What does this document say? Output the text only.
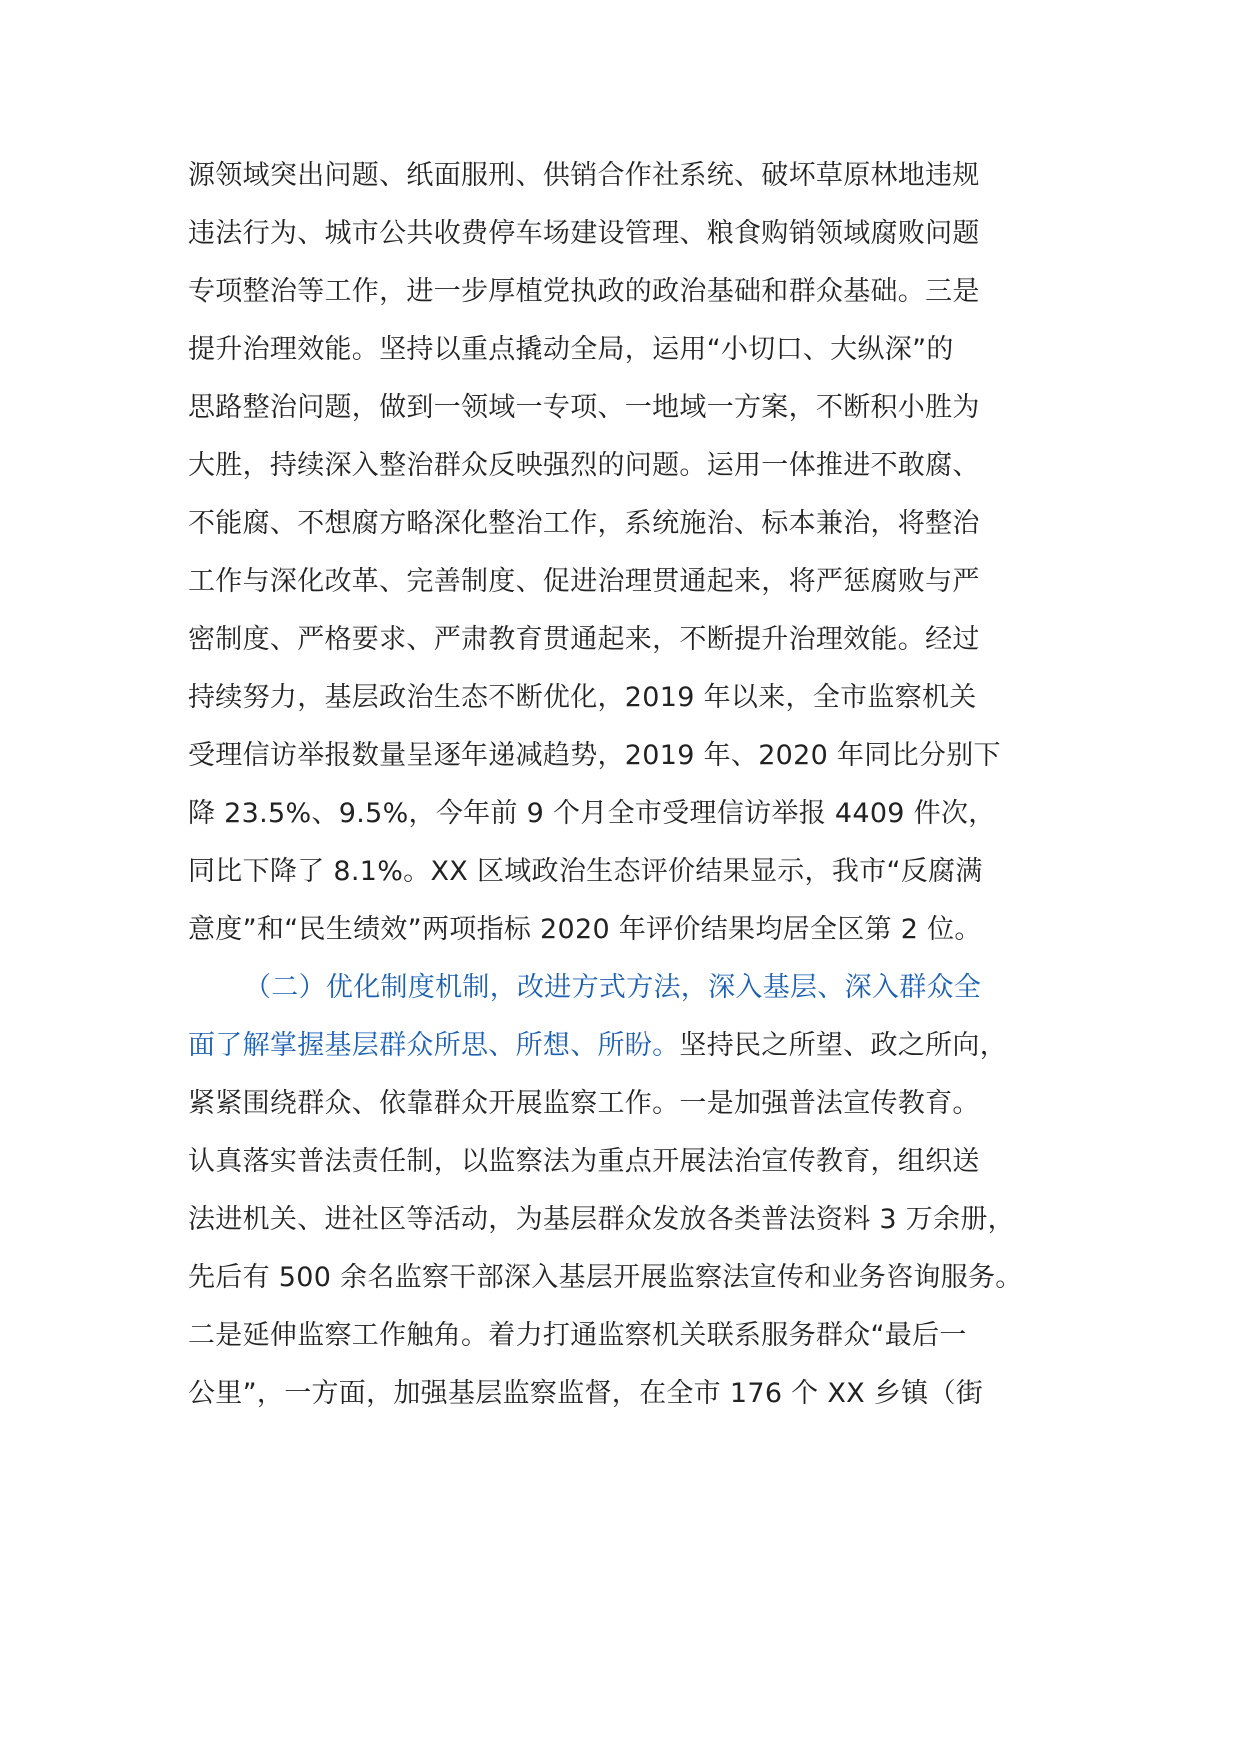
源领域突出问题、纸面服刑、供销合作社系统、破坏草原林地违规
违法行为、城市公共收费停车场建设管理、粮食购销领域腐败问题
专项整治等工作，进一步厚植党执政的政治基础和群众基础。三是
提升治理效能。坚持以重点撬动全局，运用“小切口、大纵深”的
思路整治问题，做到一领域一专项、一地域一方案，不断积小胜为
大胜，持续深入整治群众反映强烈的问题。运用一体推进不敢腐、
不能腐、不想腐方略深化整治工作，系统施治、标本兼治，将整治
工作与深化改革、完善制度、促进治理贯通起来，将严惩腐败与严
密制度、严格要求、严肃教育贯通起来，不断提升治理效能。经过
持续努力，基层政治生态不断优化，2019 年以来，全市监察机关
受理信访举报数量呈逐年递减趋势，2019 年、2020 年同比分别下
降 23.5%、9.5%，今年前 9 个月全市受理信访举报 4409 件次，
同比下降了 8.1%。XX 区域政治生态评价结果显示，我市“反腐满
意度”和“民生绩效”两项指标 2020 年评价结果均居全区第 2 位。
（二）优化制度机制，改进方式方法，深入基层、深入群众全
面了解掌握基层群众所思、所想、所盼。坚持民之所望、政之所向，
紧紧围绕群众、依靠群众开展监察工作。一是加强普法宣传教育。
认真落实普法责任制，以监察法为重点开展法治宣传教育，组织送
法进机关、进社区等活动，为基层群众发放各类普法资料 3 万余册，
先后有 500 余名监察干部深入基层开展监察法宣传和业务咨询服务。
二是延伸监察工作触角。着力打通监察机关联系服务群众“最后一
公里”，一方面，加强基层监察监督，在全市 176 个 XX 乡镇（街
